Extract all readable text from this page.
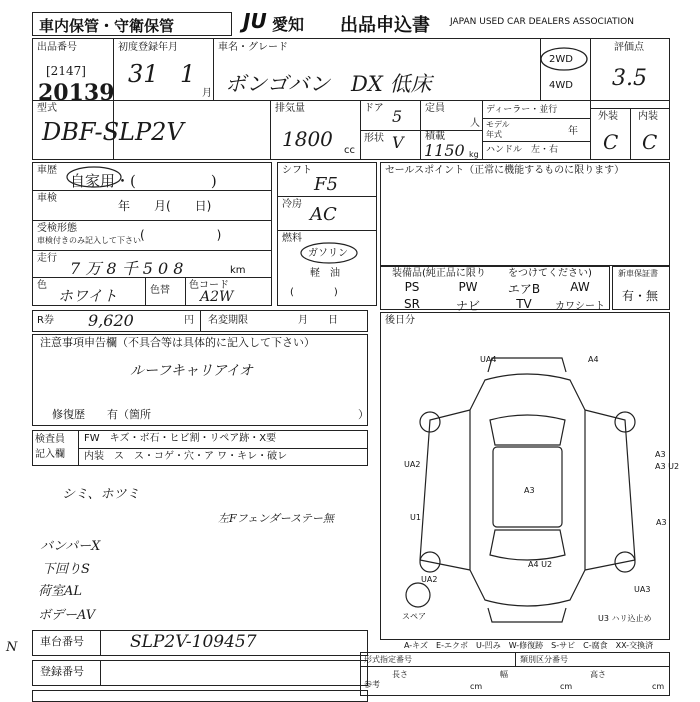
車内保管・守衛保管	JU 愛知 出品申込書 JAPAN USED CAR DEALERS ASSOCIATION
出品番号
[2147]
20139
初度登録年月
31 1
月
車名・グレード
ボンゴバン　DX 低床
2WD
4WD
評価点
3.5
外装 内装
C C
型式
DBF-SLP2V
排気量
1800 cc
ドア 5
形状 V
定員
人
積載
1150 kg
ディーラー・並行
モデル
年式	年
ハンドル　左・右
車歴
自家用・(　　　　　)
車検
年　　月(　　日)
受検形態
車検付きのみ記入して下さい (　　　　　　)
走行
7 万 8 千 5 0 8	km
色
ホワイト	色替 色コード
A2W
シフト
F5
冷房 AC
燃料
ガソリン
軽　油
(　　　　)
セールスポイント（正常に機能するものに限ります）
装備品(純正品に限り をつけてください)
PS	PW	エアB	AW
SR	ナビ	TV	カワシート
新車保証書
有・無
R券 9,620	円 名変期限	月　　日	後日分
注意事項申告欄（不具合等は具体的に記入して下さい）
ルーフキャリアイオ
修復歴　　有（箇所	）
検査員
記入欄
FW　キズ・ボ石・ヒビ割・リペア跡・X要
内装　ス　ス・コゲ・穴・ア ワ・キレ・破レ
シミ、ホツミ
バンパーX
下回りS
荷室AL
ボデーAV
左Fフェンダーステー無
UA4	A4
UA2
A3
A3 U2
A3
U1
A3
A4 U2
UA2
UA3
スペア	U3 ハリ込止め
A-キズ　E-エクボ　U-凹み　W-修復跡　S-サビ　C-腐食　XX-交換済
車台番号	SLP2V-109457
登録番号
形式指定番号	類別区分番号
参考
長さ
cm
幅
cm
高さ
cm
N
